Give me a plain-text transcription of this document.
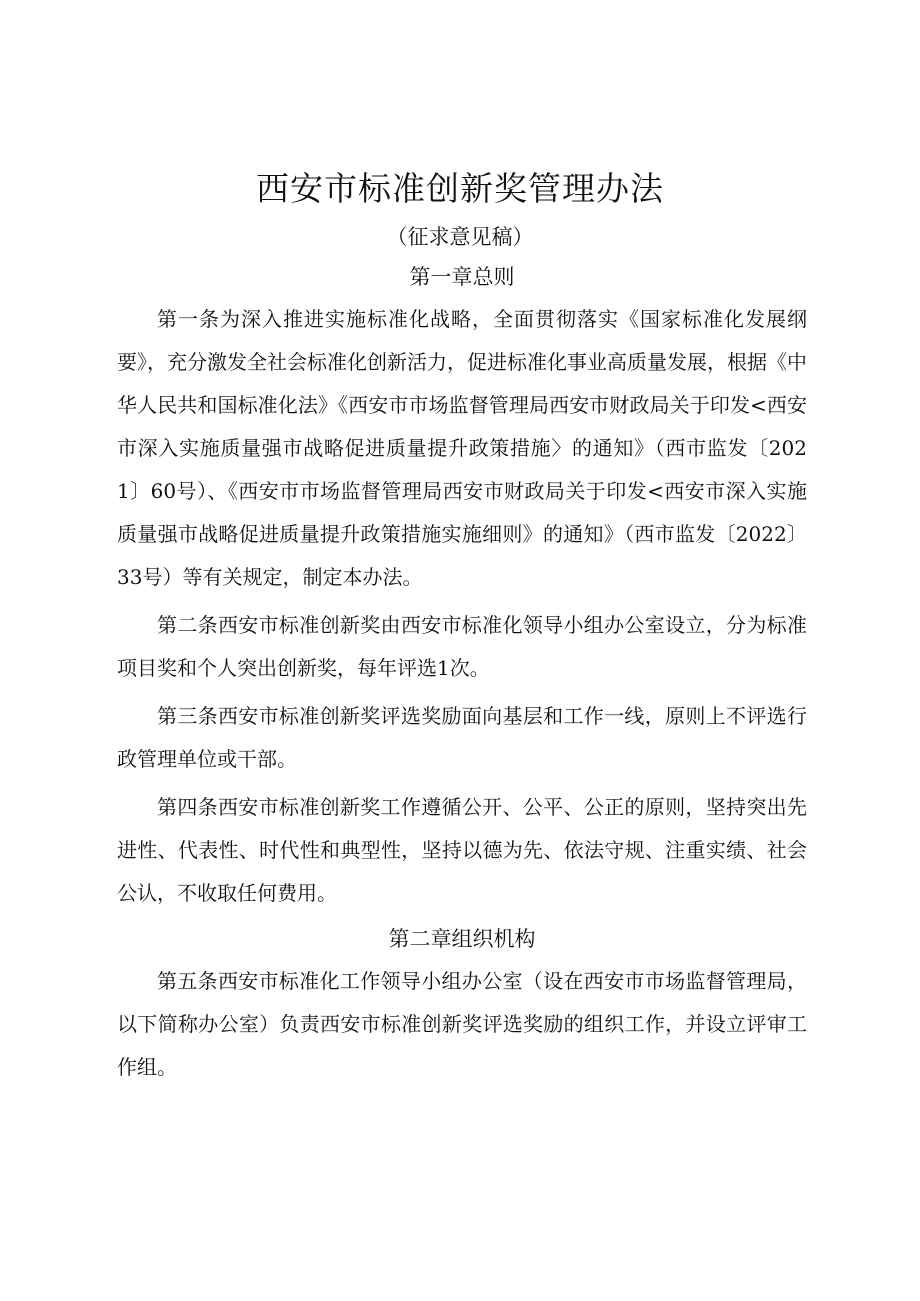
西安市标准创新奖管理办法
（征求意见稿）
第一章总则

第一条为深入推进实施标准化战略，全面贯彻落实《国家标准化发展纲要》，充分激发全社会标准化创新活力，促进标准化事业高质量发展，根据《中华人民共和国标准化法》《西安市市场监督管理局西安市财政局关于印发<西安市深入实施质量强市战略促进质量提升政策措施〉的通知》（西市监发〔2021〕60号）、《西安市市场监督管理局西安市财政局关于印发<西安市深入实施质量强市战略促进质量提升政策措施实施细则》的通知》（西市监发〔2022〕33号）等有关规定，制定本办法。

第二条西安市标准创新奖由西安市标准化领导小组办公室设立，分为标准项目奖和个人突出创新奖，每年评选1次。

第三条西安市标准创新奖评选奖励面向基层和工作一线，原则上不评选行政管理单位或干部。

第四条西安市标准创新奖工作遵循公开、公平、公正的原则，坚持突出先进性、代表性、时代性和典型性，坚持以德为先、依法守规、注重实绩、社会公认，不收取任何费用。

第二章组织机构

第五条西安市标准化工作领导小组办公室（设在西安市市场监督管理局，以下简称办公室）负责西安市标准创新奖评选奖励的组织工作，并设立评审工作组。
